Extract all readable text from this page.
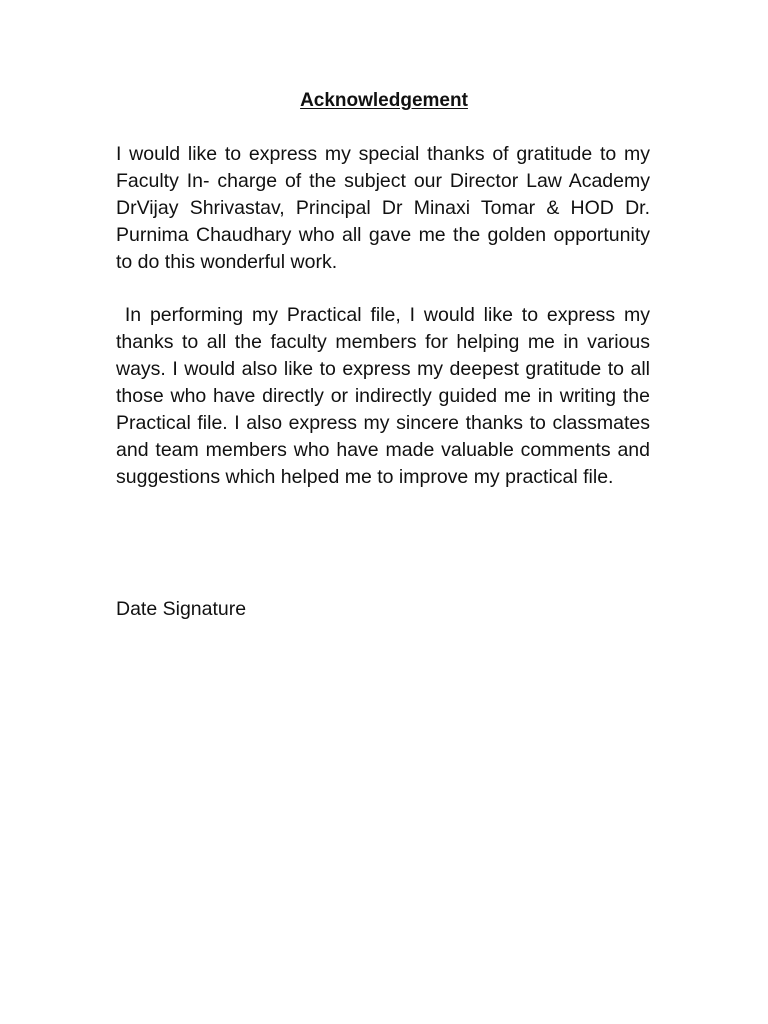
Acknowledgement

I would like to express my special thanks of gratitude to my Faculty In- charge of the subject our Director Law Academy DrVijay Shrivastav, Principal Dr Minaxi Tomar & HOD Dr. Purnima Chaudhary who all gave me the golden opportunity to do this wonderful work.

In performing my Practical file, I would like to express my thanks to all the faculty members for helping me in various ways. I would also like to express my deepest gratitude to all those who have directly or indirectly guided me in writing the Practical file. I also express my sincere thanks to classmates and team members who have made valuable comments and suggestions which helped me to improve my practical file.

Date Signature
